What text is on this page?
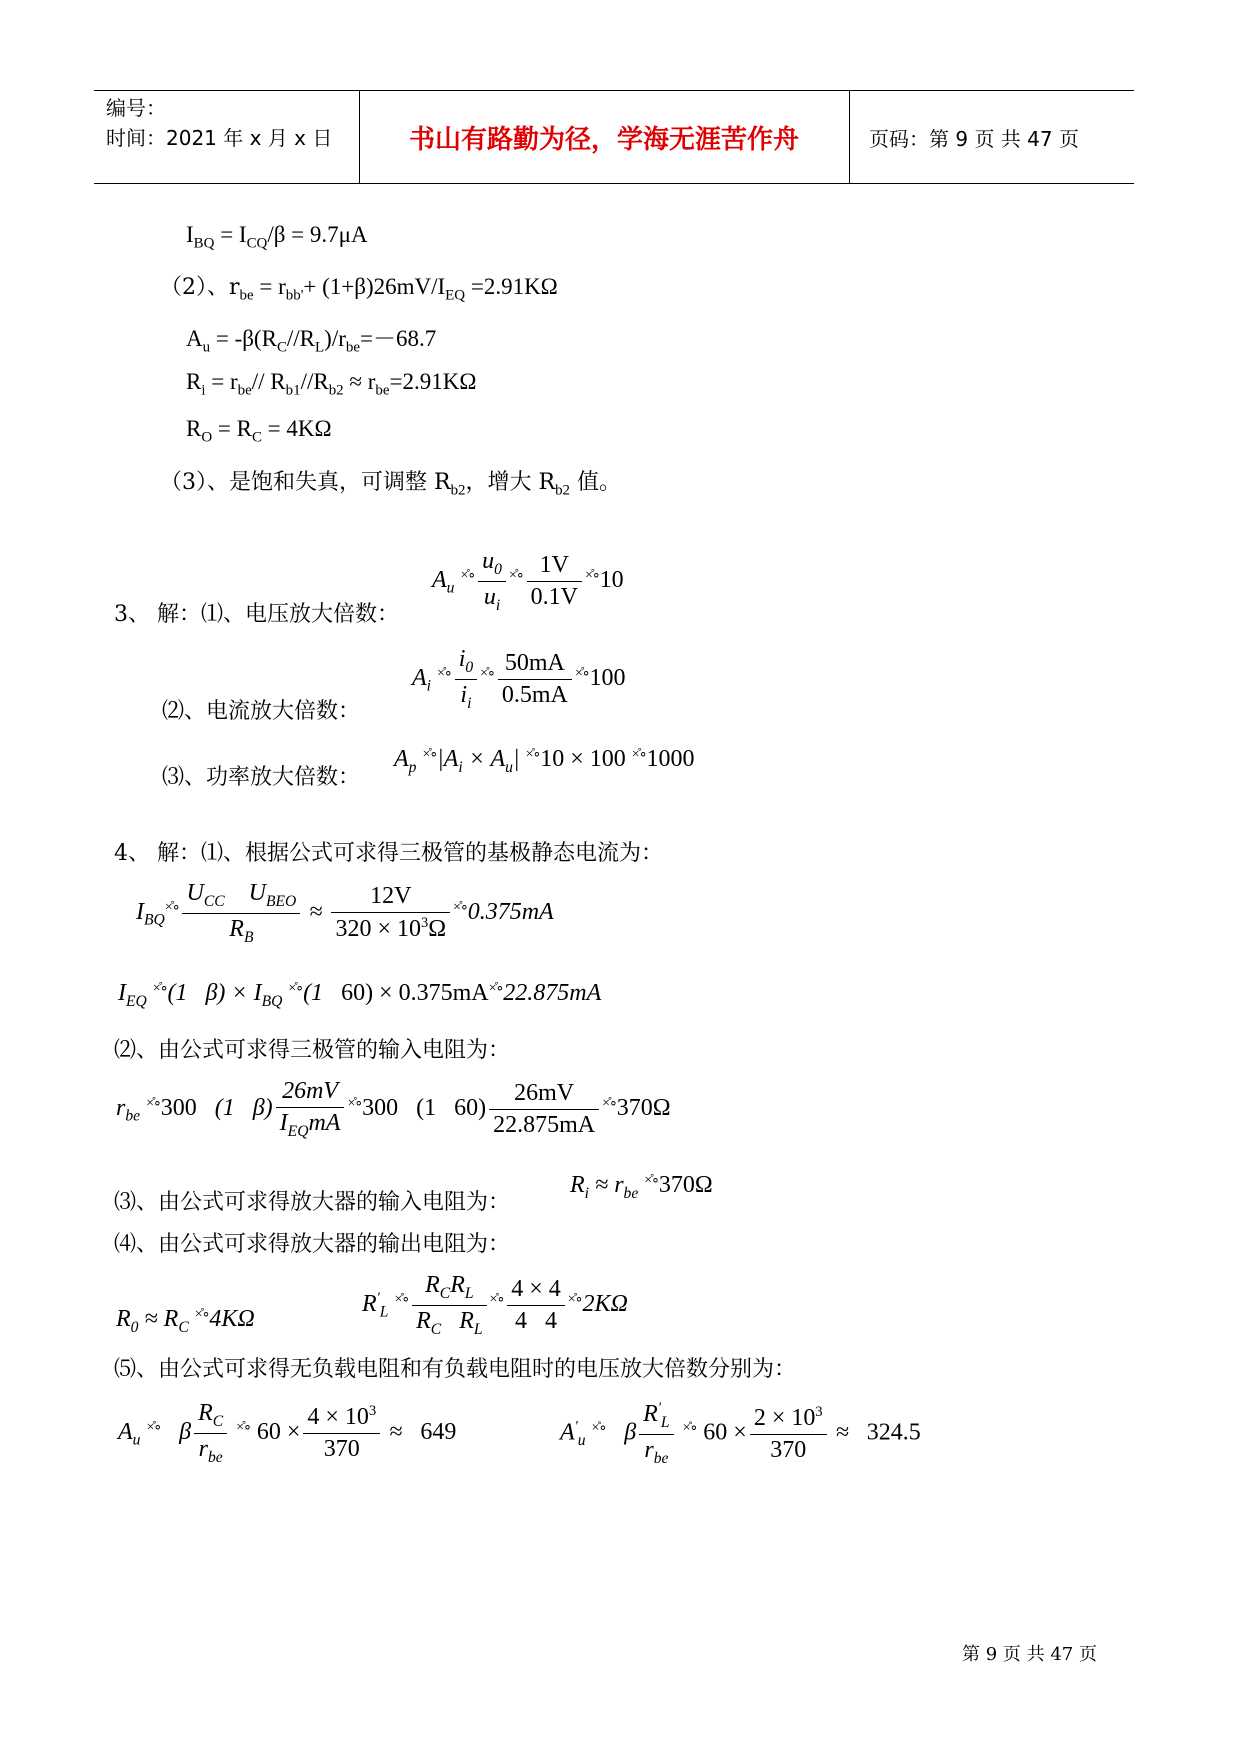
编号：
时间：2021 年 x 月 x 日	书山有路勤为径，学海无涯苦作舟	页码：第 9 页 共 47 页
$I_{BQ} = I_{CQ}/\beta = 9.7\mu A$
（2）、$r_{be} = r_{bb'}+ (1+\beta)26mV/I_{EQ} =2.91K\Omega$
$A_u = -\beta(R_C//R_L)/r_{be}=-68.7$
$R_i = r_{be}//$ $R_{b1}//R_{b2} \approx r_{be}=2.91K\Omega$
$R_O = R_C = 4K\Omega$
（3）、是饱和失真，可调整 $R_{b2}$，增大 $R_{b2}$ 值。
$A_u$ $^{\times̊\circ} \frac{u_0}{u_i} ^{\times̊\circ} \frac{1V}{0.1V} ^{\times̊\circ}10$
3、 解：⑴、电压放大倍数：
$A_i$ $^{\times̊\circ} \frac{i_0}{i_i} ^{\times̊\circ} \frac{50mA}{0.5mA} ^{\times̊\circ}100$
⑵、电流放大倍数：
$A_p$ $^{\times̊\circ}|A_i \times A_u|$ ×̊∘10 × 100 ×̊∘1000
⑶、功率放大倍数：
4、 解：⑴、根据公式可求得三极管的基极静态电流为：
$I_{BQ}^{\times̊\circ} \frac{U_{CC} U_{BEO}}{R_B} \approx \frac{12V}{320 \times 10^3\Omega} ^{\times̊\circ}0.375mA$
$I_{EQ}$ ×̊∘(1   $\beta) \times I_{BQ}$ ×̊∘(1   60) × 0.375mA×̊∘22.875mA
⑵、由公式可求得三极管的输入电阻为：
$r_{be}$ ×̊∘300   (1   $\beta) \frac{26mV}{I_{EQ}mA} ^{\times̊\circ}300$ (1   $60) \frac{26mV}{22.875mA} ^{\times̊\circ}370\Omega$
⑶、由公式可求得放大器的输入电阻为：
$R_i \approx r_{be}$ ×̊∘370Ω
⑷、由公式可求得放大器的输出电阻为：
$R_0 \approx R_C$ ×̊∘4KΩ
$R'_L$ $^{\times̊\circ} \frac{R_CR_L}{R_C R_L} ^{\times̊\circ} \frac{4 \times 4}{4 4} ^{\times̊\circ}2K\Omega$
⑸、由公式可求得无负载电阻和有负载电阻时的电压放大倍数分别为：
$A_u$ ×̊∘   β $\frac{R_C}{r_{be}} ^{\times̊\circ}$ $60 \times \frac{4 \times 10^3}{370} \approx 649$	$A'_u$ ×̊∘   β $\frac{R'_L}{r_{be}} ^{\times̊\circ}$ $60 \times \frac{2 \times 10^3}{370} \approx 324.5$
第 9 页 共 47 页
